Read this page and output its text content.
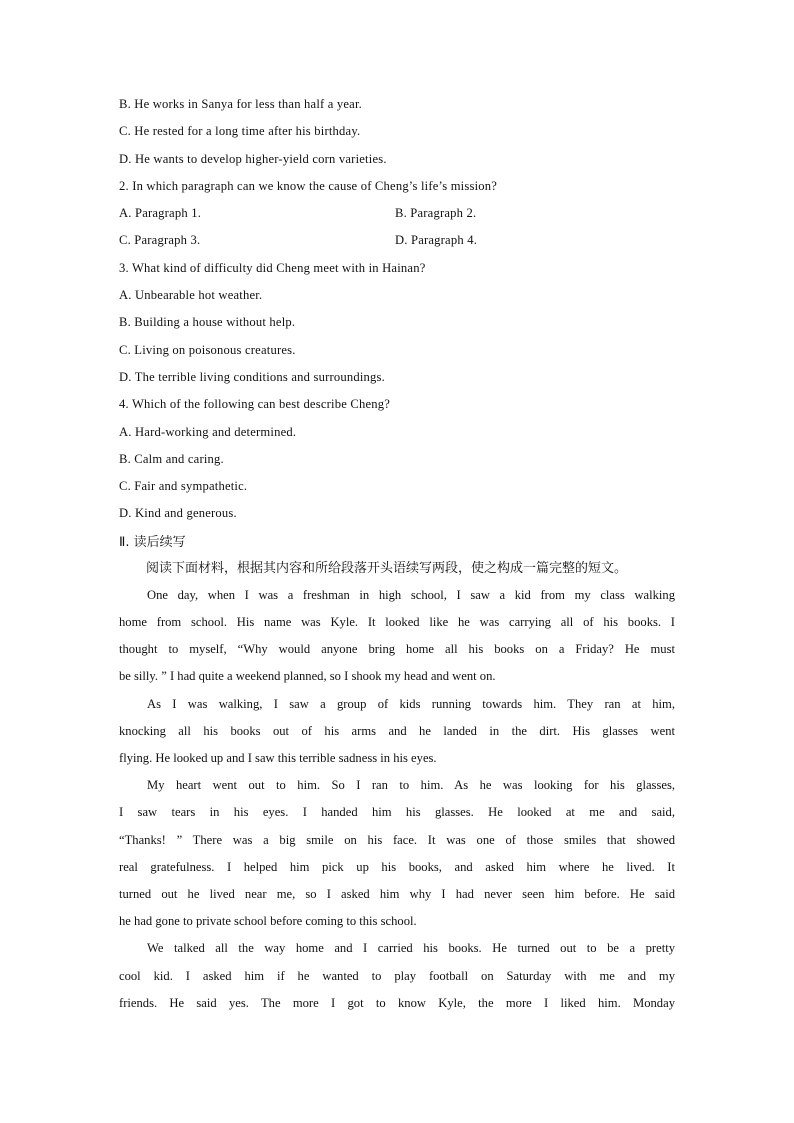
B. He works in Sanya for less than half a year.
C. He rested for a long time after his birthday.
D. He wants to develop higher-yield corn varieties.
2. In which paragraph can we know the cause of Cheng’s life’s mission?
A. Paragraph 1.	B. Paragraph 2.
C. Paragraph 3.	D. Paragraph 4.
3. What kind of difficulty did Cheng meet with in Hainan?
A. Unbearable hot weather.
B. Building a house without help.
C. Living on poisonous creatures.
D. The terrible living conditions and surroundings.
4. Which of the following can best describe Cheng?
A. Hard-working and determined.
B. Calm and caring.
C. Fair and sympathetic.
D. Kind and generous.
Ⅱ. 读后续写
阅读下面材料，根据其内容和所给段落开头语续写两段，使之构成一篇完整的短文。
One day, when I was a freshman in high school, I saw a kid from my class walking
home from school. His name was Kyle. It looked like he was carrying all of his books. I
thought to myself, “Why would anyone bring home all his books on a Friday? He must
be silly. ” I had quite a weekend planned, so I shook my head and went on.
As I was walking, I saw a group of kids running towards him. They ran at him,
knocking all his books out of his arms and he landed in the dirt. His glasses went
flying. He looked up and I saw this terrible sadness in his eyes.
My heart went out to him. So I ran to him. As he was looking for his glasses,
I saw tears in his eyes. I handed him his glasses. He looked at me and said,
“Thanks! ” There was a big smile on his face. It was one of those smiles that showed
real gratefulness. I helped him pick up his books, and asked him where he lived. It
turned out he lived near me, so I asked him why I had never seen him before. He said
he had gone to private school before coming to this school.
We talked all the way home and I carried his books. He turned out to be a pretty
cool kid. I asked him if he wanted to play football on Saturday with me and my
friends. He said yes. The more I got to know Kyle, the more I liked him. Monday
